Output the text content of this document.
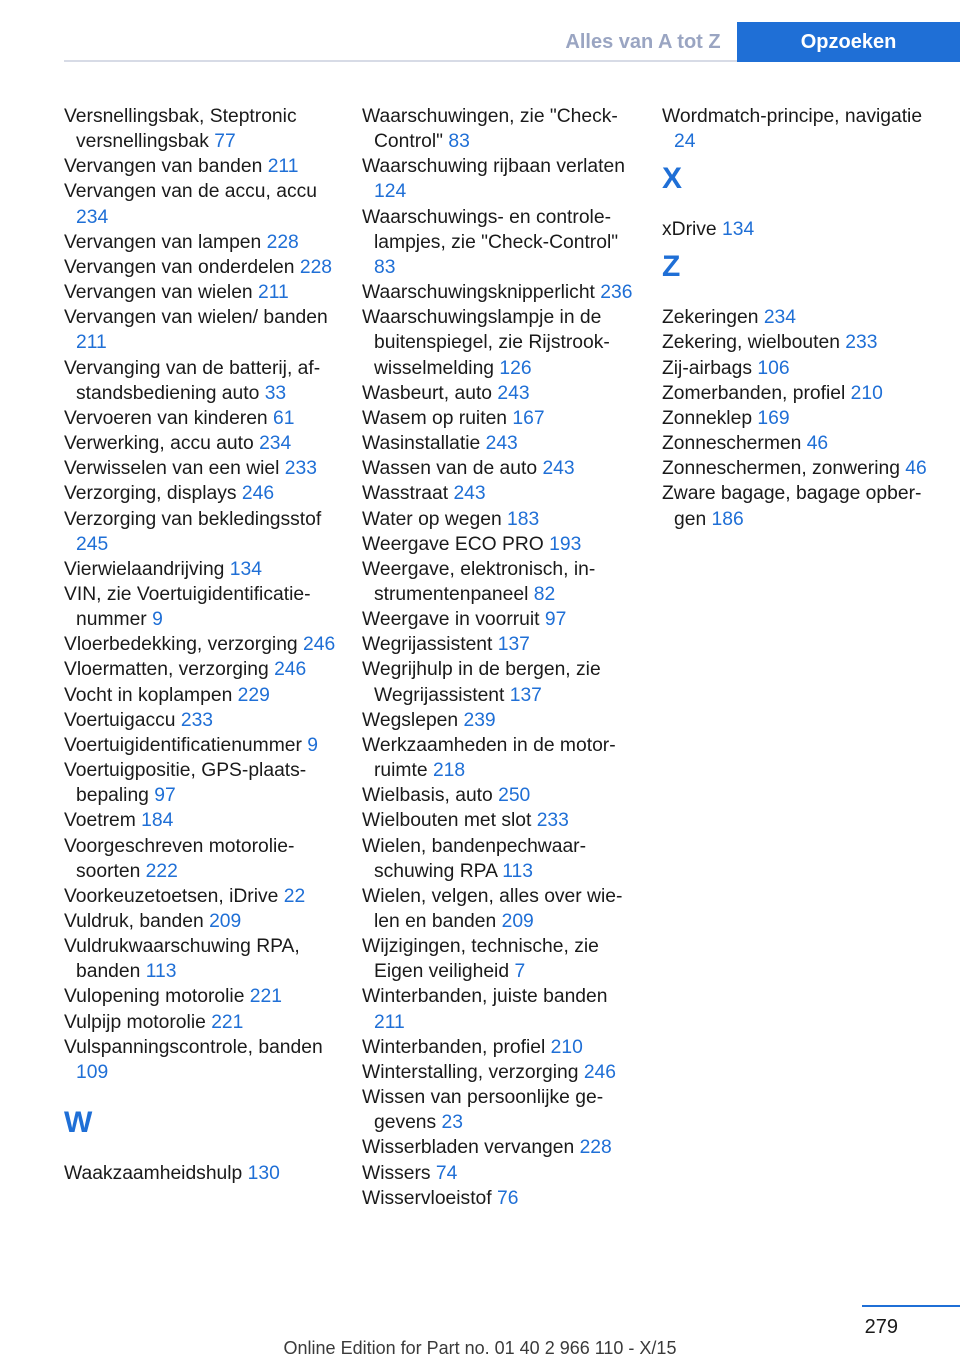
Alles van A tot Z	Opzoeken
Versnellingsbak, Steptronic versnellingsbak 77
Vervangen van banden 211
Vervangen van de accu, accu 234
Vervangen van lampen 228
Vervangen van onderdelen 228
Vervangen van wielen 211
Vervangen van wielen/ banden 211
Vervanging van de batterij, afstandsbediening auto 33
Vervoeren van kinderen 61
Verwerking, accu auto 234
Verwisselen van een wiel 233
Verzorging, displays 246
Verzorging van bekledingsstof 245
Vierwielaandrijving 134
VIN, zie Voertuigidentificatienummer 9
Vloerbedekking, verzorging 246
Vloermatten, verzorging 246
Vocht in koplampen 229
Voertuigaccu 233
Voertuigidentificatienummer 9
Voertuigpositie, GPS-plaatsbepaling 97
Voetrem 184
Voorgeschreven motoroliesoorten 222
Voorkeuzetoetsen, iDrive 22
Vuldruk, banden 209
Vuldrukwaarschuwing RPA, banden 113
Vulopening motorolie 221
Vulpijp motorolie 221
Vulspanningscontrole, banden 109
W
Waakzaamheidshulp 130
Waarschuwingen, zie "Check-Control" 83
Waarschuwing rijbaan verlaten 124
Waarschuwings- en controlelampjes, zie "Check-Control" 83
Waarschuwingsknipperlicht 236
Waarschuwingslampje in de buitenspiegel, zie Rijstrookwisselmelding 126
Wasbeurt, auto 243
Wasem op ruiten 167
Wasinstallatie 243
Wassen van de auto 243
Wasstraat 243
Water op wegen 183
Weergave ECO PRO 193
Weergave, elektronisch, instrumentenpaneel 82
Weergave in voorruit 97
Wegrijassistent 137
Wegrijhulp in de bergen, zie Wegrijassistent 137
Wegslepen 239
Werkzaamheden in de motorruimte 218
Wielbasis, auto 250
Wielbouten met slot 233
Wielen, bandenpechwaarschuwing RPA 113
Wielen, velgen, alles over wielen en banden 209
Wijzigingen, technische, zie Eigen veiligheid 7
Winterbanden, juiste banden 211
Winterbanden, profiel 210
Winterstalling, verzorging 246
Wissen van persoonlijke gegevens 23
Wisserbladen vervangen 228
Wissers 74
Wisservloeistof 76
Wordmatch-principe, navigatie 24
X
xDrive 134
Z
Zekeringen 234
Zekering, wielbouten 233
Zij-airbags 106
Zomerbanden, profiel 210
Zonneklep 169
Zonneschermen 46
Zonneschermen, zonwering 46
Zware bagage, bagage opbergen 186
279
Online Edition for Part no. 01 40 2 966 110 - X/15
